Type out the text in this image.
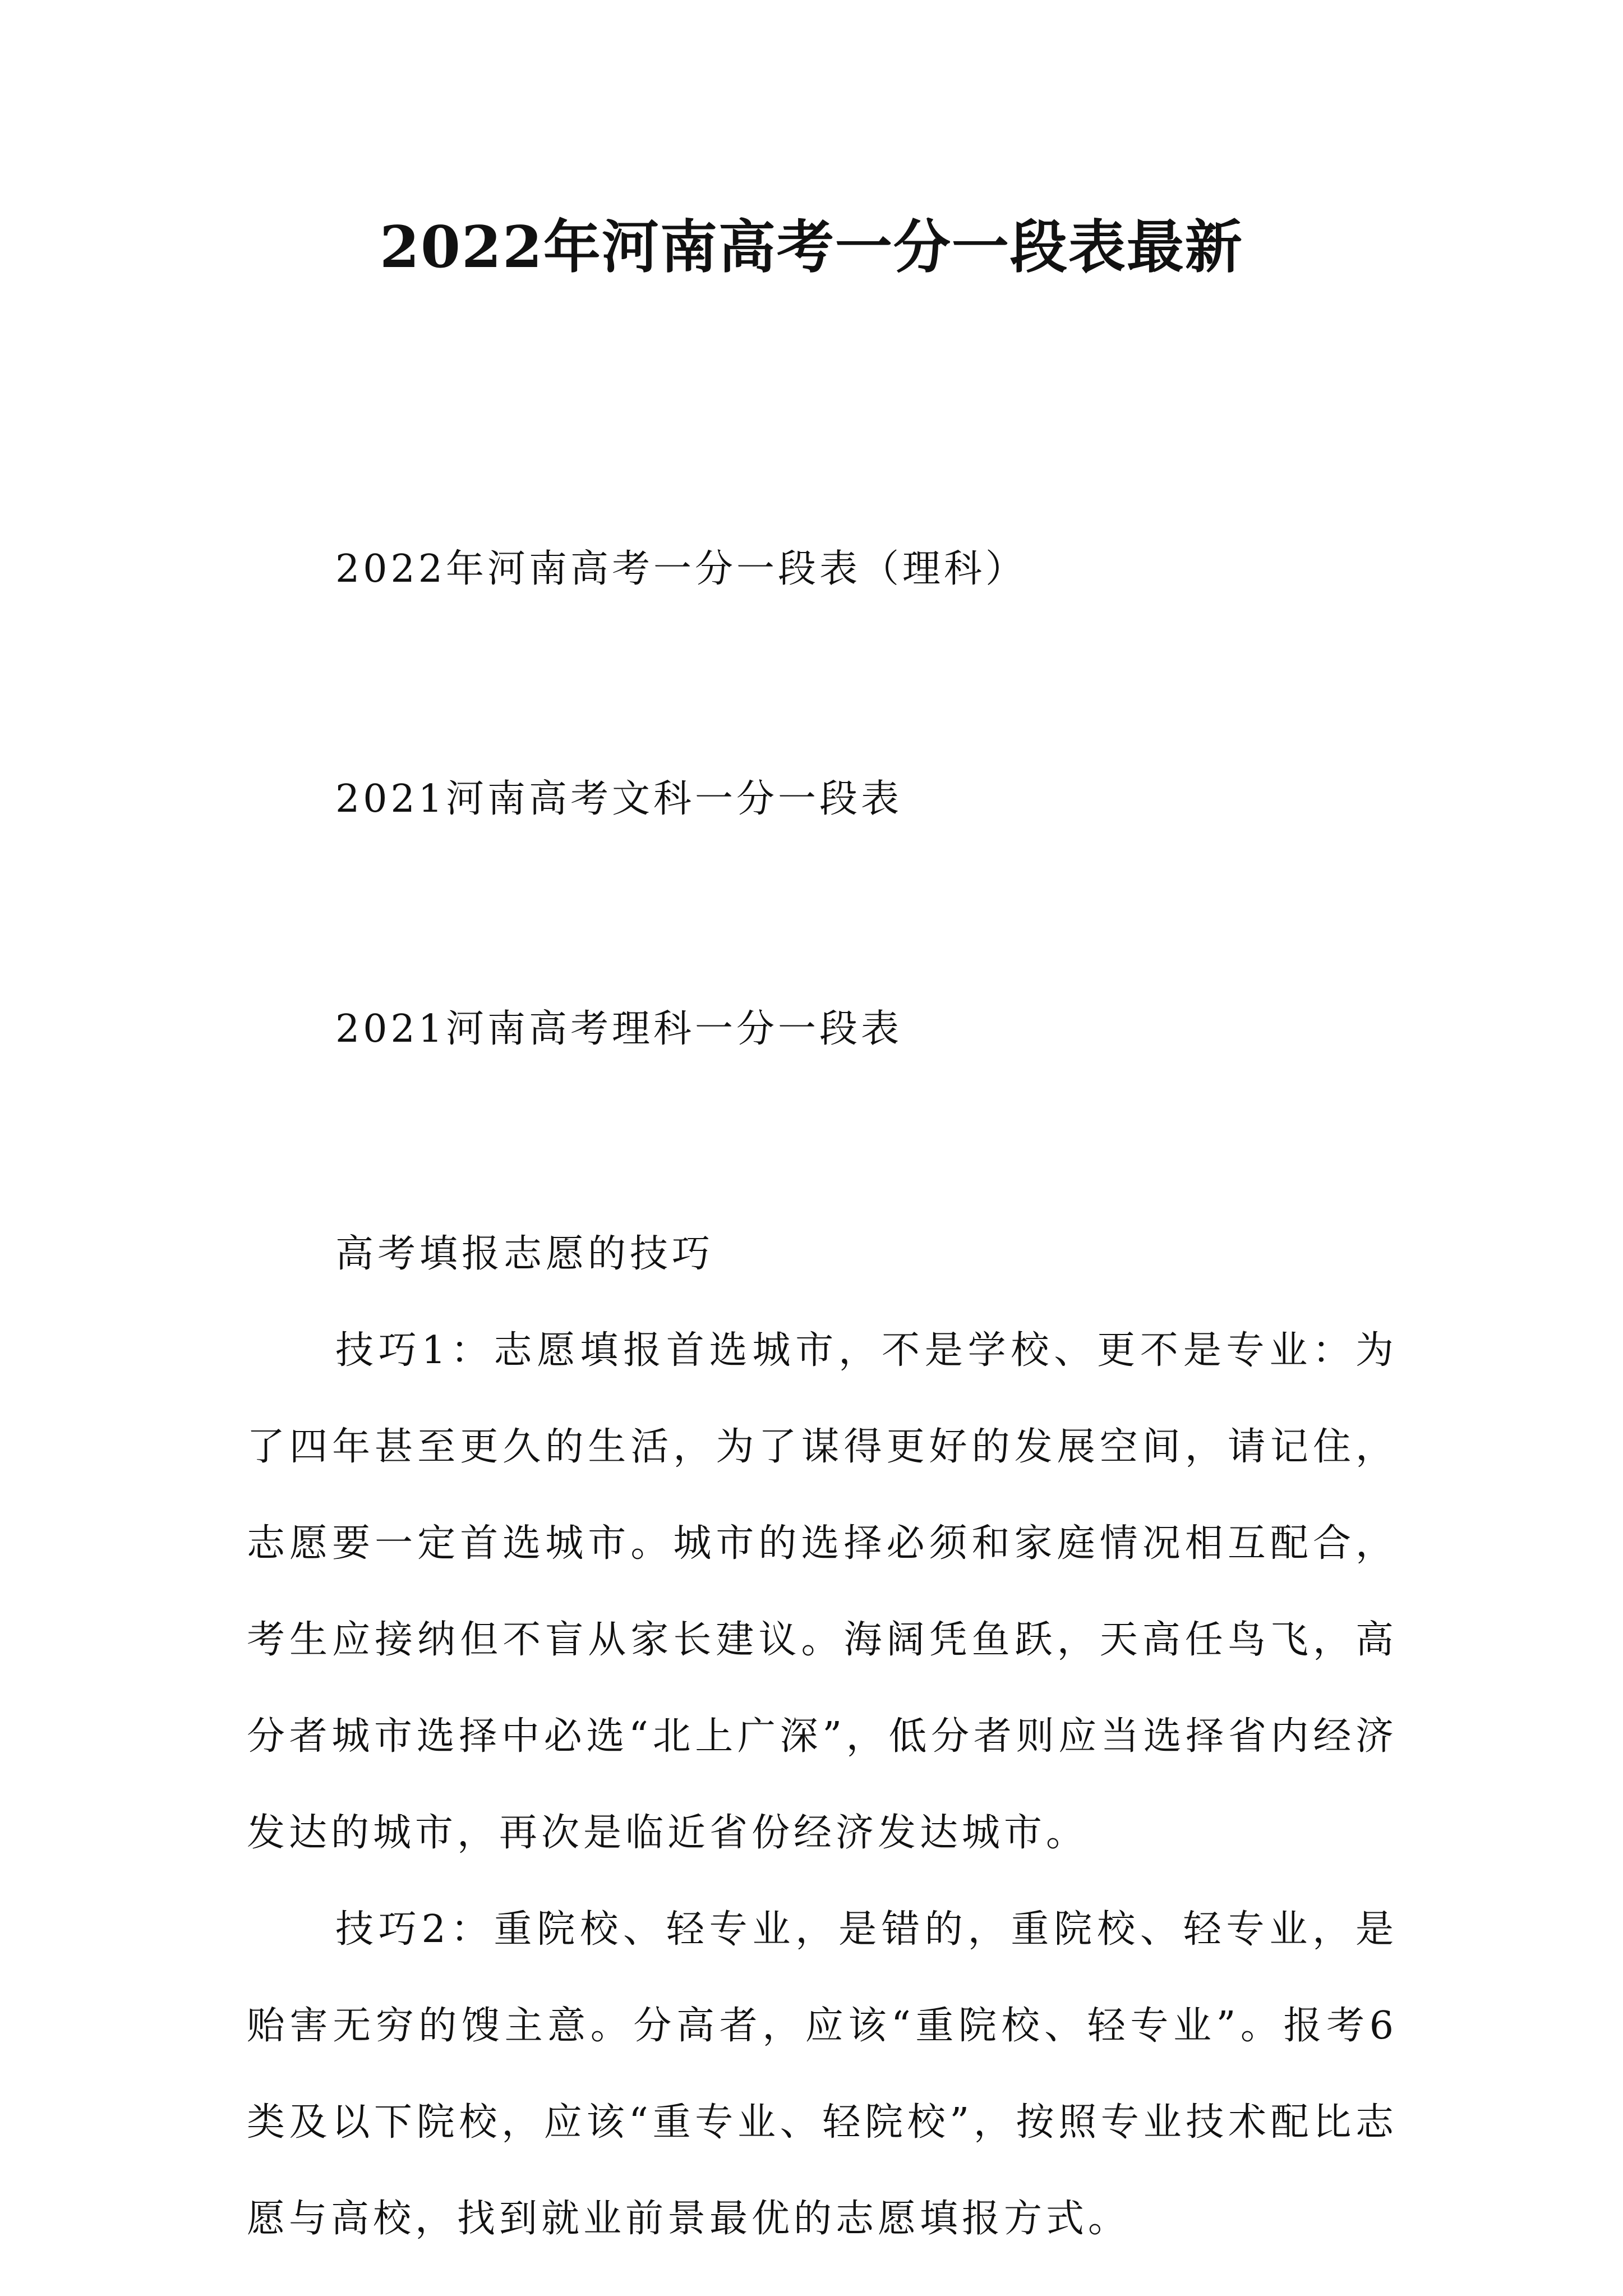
2022年河南高考一分一段表最新

2022年河南高考一分一段表（理科）

2021河南高考文科一分一段表

2021河南高考理科一分一段表

高考填报志愿的技巧

技巧1：志愿填报首选城市，不是学校、更不是专业：为了四年甚至更久的生活，为了谋得更好的发展空间，请记住，志愿要一定首选城市。城市的选择必须和家庭情况相互配合，考生应接纳但不盲从家长建议。海阔凭鱼跃，天高任鸟飞，高分者城市选择中必选“北上广深”，低分者则应当选择省内经济发达的城市，再次是临近省份经济发达城市。

技巧2：重院校、轻专业，是错的，重院校、轻专业，是贻害无穷的馊主意。分高者，应该“重院校、轻专业”。报考6类及以下院校，应该“重专业、轻院校”，按照专业技术配比志愿与高校，找到就业前景最优的志愿填报方式。
